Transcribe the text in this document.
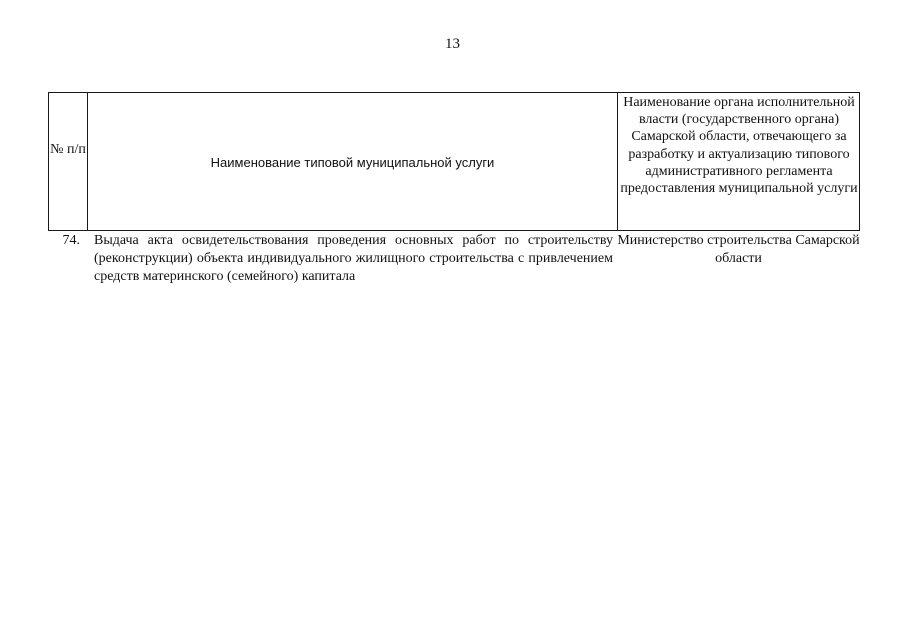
13
№ п/п
Наименование типовой муниципальной услуги
Наименование органа исполнительной власти (государственного органа) Самарской области, отвечающего за разработку и актуализацию типового административного регламента предоставления муниципальной услуги
74. Выдача акта освидетельствования проведения основных работ по строительству (реконструкции) объекта индивидуального жилищного строительства с привлечением средств материнского (семейного) капитала
Министерство строительства Самарской области
